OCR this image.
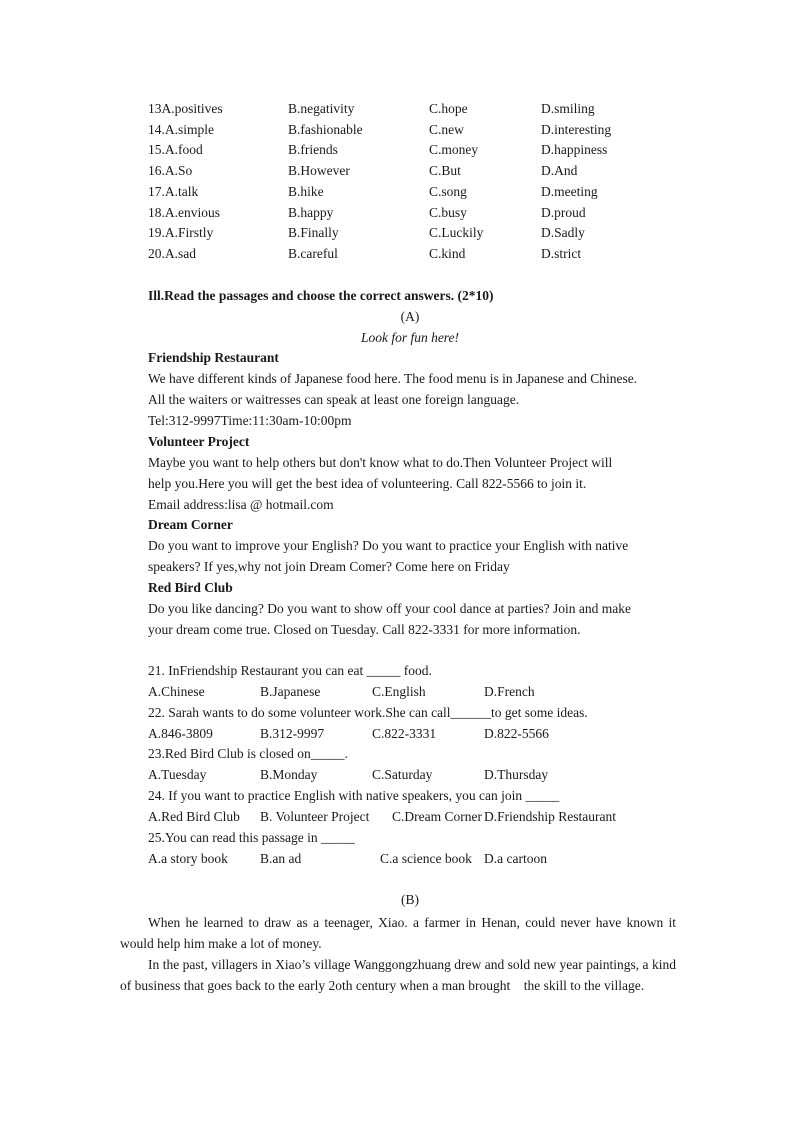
13A.positives	B.negativity	C.hope	D.smiling
14.A.simple	B.fashionable	C.new	D.interesting
15.A.food	B.friends	C.money	D.happiness
16.A.So	B.However	C.But	D.And
17.A.talk	B.hike	C.song	D.meeting
18.A.envious	B.happy	C.busy	D.proud
19.A.Firstly	B.Finally	C.Luckily	D.Sadly
20.A.sad	B.careful	C.kind	D.strict
Ill.Read the passages and choose the correct answers. (2*10)
(A)
Look for fun here!
Friendship Restaurant
We have different kinds of Japanese food here. The food menu is in Japanese and Chinese.
All the waiters or waitresses can speak at least one foreign language.
Tel:312-9997Time:11:30am-10:00pm
Volunteer Project
Maybe you want to help others but don't know what to do.Then Volunteer Project will
help you.Here you will get the best idea of volunteering. Call 822-5566 to join it.
Email address:lisa @ hotmail.com
Dream Corner
Do you want to improve your English? Do you want to practice your English with native
speakers? If yes,why not join Dream Comer? Come here on Friday
Red Bird Club
Do you like dancing? Do you want to show off your cool dance at parties? Join and make
your dream come true. Closed on Tuesday. Call 822-3331 for more information.
21. InFriendship Restaurant you can eat _____ food.
A.Chinese	B.Japanese	C.English	D.French
22. Sarah wants to do some volunteer work.She can call______to get some ideas.
A.846-3809	B.312-9997	C.822-3331	D.822-5566
23.Red Bird Club is closed on_____.
A.Tuesday	B.Monday	C.Saturday	D.Thursday
24. If you want to practice English with native speakers, you can join _____
A.Red Bird Club B. Volunteer Project C.Dream Corner D.Friendship Restaurant
25.You can read this passage in _____
A.a story book B.an ad	C.a science book D.a cartoon
(B)
When he learned to draw as a teenager, Xiao. a farmer in Henan, could never have known it would help him make a lot of money.
In the past, villagers in Xiao’s village Wanggongzhuang drew and sold new year paintings, a kind of business that goes back to the early 2oth century when a man brought    the skill to the village.
